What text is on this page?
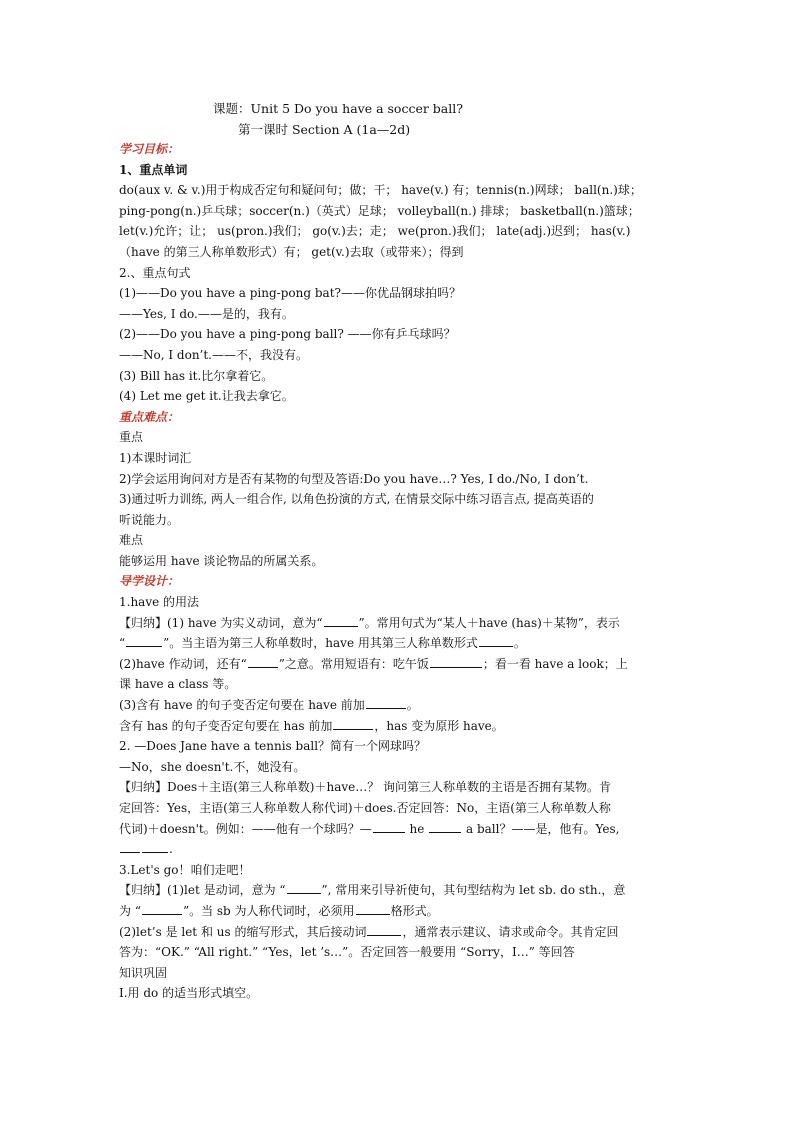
课题：Unit 5 Do you have a soccer ball?
第一课时 Section A (1a—2d)
学习目标：
1、重点单词
do(aux v. & v.)用于构成否定句和疑问句；做；干； have(v.) 有；tennis(n.)网球； ball(n.)球；
ping-pong(n.)乒乓球；soccer(n.)（英式）足球； volleyball(n.) 排球； basketball(n.)篮球；
let(v.)允许；让； us(pron.)我们； go(v.)去；走； we(pron.)我们； late(adj.)迟到； has(v.)
（have 的第三人称单数形式）有； get(v.)去取（或带来）；得到
2.、重点句式
(1)——Do you have a ping-pong bat?——你优品钢球拍吗？
——Yes, I do.——是的，我有。
(2)——Do you have a ping-pong ball? ——你有乒乓球吗？
——No, I don’t.——不，我没有。
(3) Bill has it.比尔拿着它。
(4) Let me get it.让我去拿它。
重点难点：
重点
1)本课时词汇
2)学会运用询问对方是否有某物的句型及答语:Do you have…? Yes, I do./No, I don’t.
3)通过听力训练, 两人一组合作, 以角色扮演的方式, 在情景交际中练习语言点, 提高英语的
听说能力。
难点
能够运用 have 谈论物品的所属关系。
导学设计：
1.have 的用法
【归纳】(1) have 为实义动词，意为“	”。常用句式为“某人＋have (has)＋某物”，表示
“	”。当主语为第三人称单数时，have 用其第三人称单数形式	。
(2)have 作动词，还有“	”之意。常用短语有：吃午饭	；看一看 have a look；上
课 have a class 等。
(3)含有 have 的句子变否定句要在 have 前加	。
含有 has 的句子变否定句要在 has 前加	，has 变为原形 have。
2. —Does Jane have a tennis ball？简有一个网球吗？
—No，she doesn't.不，她没有。
【归纳】Does＋主语(第三人称单数)＋have…？ 询问第三人称单数的主语是否拥有某物。肯
定回答：Yes，主语(第三人称单数人称代词)＋does.否定回答：No，主语(第三人称单数人称
代词)＋doesn't。例如：——他有一个球吗？—	he	a ball？——是，他有。Yes,
.
3.Let's go！咱们走吧！
【归纳】(1)let 是动词，意为 “	”, 常用来引导祈使句，其句型结构为 let sb. do sth.，意
为 “	”。当 sb 为人称代词时，必须用	格形式。
(2)let’s 是 let 和 us 的缩写形式，其后接动词	，通常表示建议、请求或命令。其肯定回
答为：“OK.” “All right.” “Yes，let ’s…”。否定回答一般要用 “Sorry，I…” 等回答
知识巩固
Ⅰ.用 do 的适当形式填空。
